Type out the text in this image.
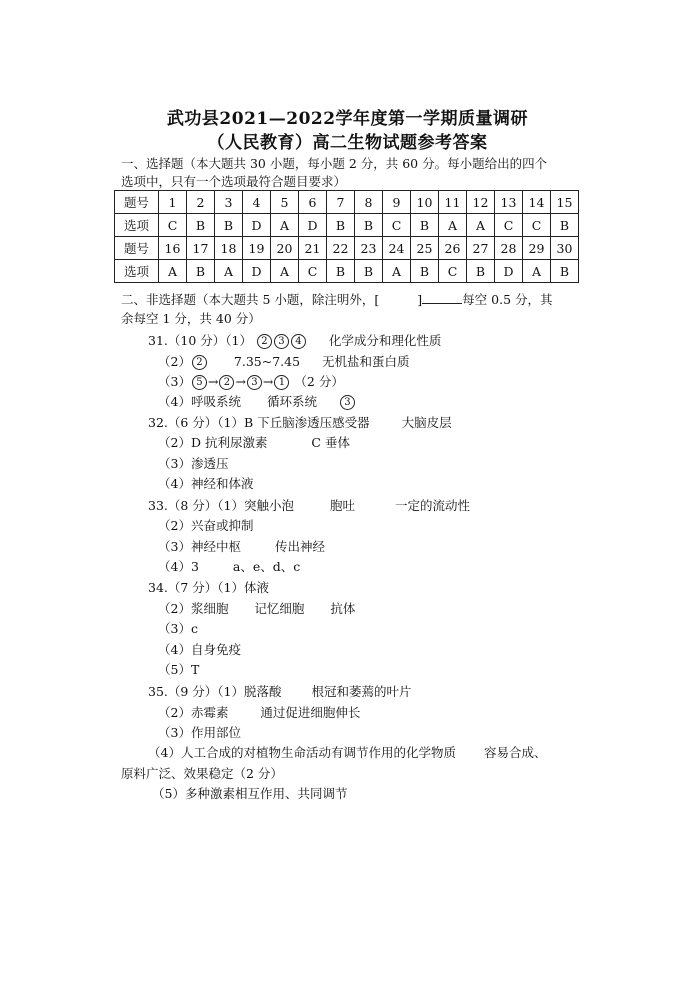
武功县2021—2022学年度第一学期质量调研
（人民教育）高二生物试题参考答案
一、选择题（本大题共 30 小题，每小题 2 分，共 60 分。每小题给出的四个
选项中，只有一个选项最符合题目要求）
题号	1	2	3	4	5	6	7	8	9	10	11	12	13	14	15
选项	C	B	B	D	A	D	B	B	C	B	A	A	C	C	B
题号	16	17	18	19	20	21	22	23	24	25	26	27	28	29	30
选项	A	B	A	D	A	C	B	B	A	B	C	B	D	A	B
二、非选择题（本大题共 5 小题，除注明外，[	]	每空 0.5 分，其
余每空 1 分，共 40 分）
31.（10 分）（1） 2 3 4 化学成分和理化性质
（2） 2	7.35~7.45 无机盐和蛋白质
（3） 5 → 2 → 3 → 1 （2 分）
（4）呼吸系统 循环系统	3
32.（6 分）（1）B 下丘脑渗透压感受器	大脑皮层
（2）D 抗利尿激素	C 垂体
（3）渗透压
（4）神经和体液
33.（8 分）（1）突触小泡	胞吐	一定的流动性
（2）兴奋或抑制
（3）神经中枢	传出神经
（4）3	a、e、d、c
34.（7 分）（1）体液
（2）浆细胞 记忆细胞 抗体
（3）c
（4）自身免疫
（5）T
35.（9 分）（1）脱落酸 根冠和萎蔫的叶片
（2）赤霉素	通过促进细胞伸长
（3）作用部位
（4）人工合成的对植物生命活动有调节作用的化学物质 容易合成、
原料广泛、效果稳定（2 分）
（5）多种激素相互作用、共同调节
